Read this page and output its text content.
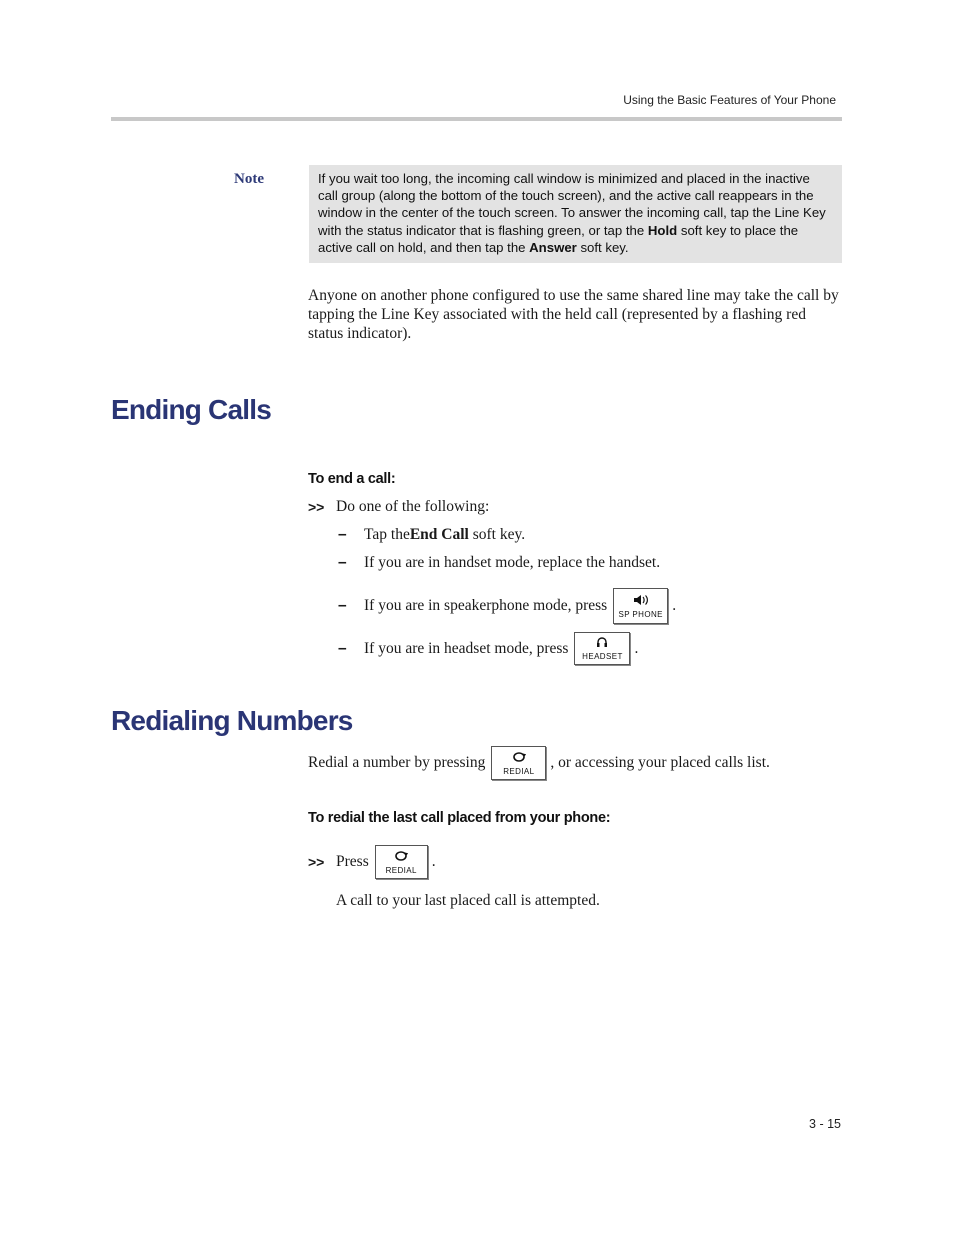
Using the Basic Features of Your Phone
Note	If you wait too long, the incoming call window is minimized and placed in the inactive call group (along the bottom of the touch screen), and the active call reappears in the window in the center of the touch screen. To answer the incoming call, tap the Line Key with the status indicator that is flashing green, or tap the Hold soft key to place the active call on hold, and then tap the Answer soft key.
Anyone on another phone configured to use the same shared line may take the call by tapping the Line Key associated with the held call (represented by a flashing red status indicator).
Ending Calls
To end a call:
>> Do one of the following:
–	Tap the End Call soft key.
–	If you are in handset mode, replace the handset.
–	If you are in speakerphone mode, press SP PHONE .
–	If you are in headset mode, press HEADSET .
Redialing Numbers
Redial a number by pressing REDIAL , or accessing your placed calls list.
To redial the last call placed from your phone:
>> Press REDIAL .
A call to your last placed call is attempted.
3 - 15
